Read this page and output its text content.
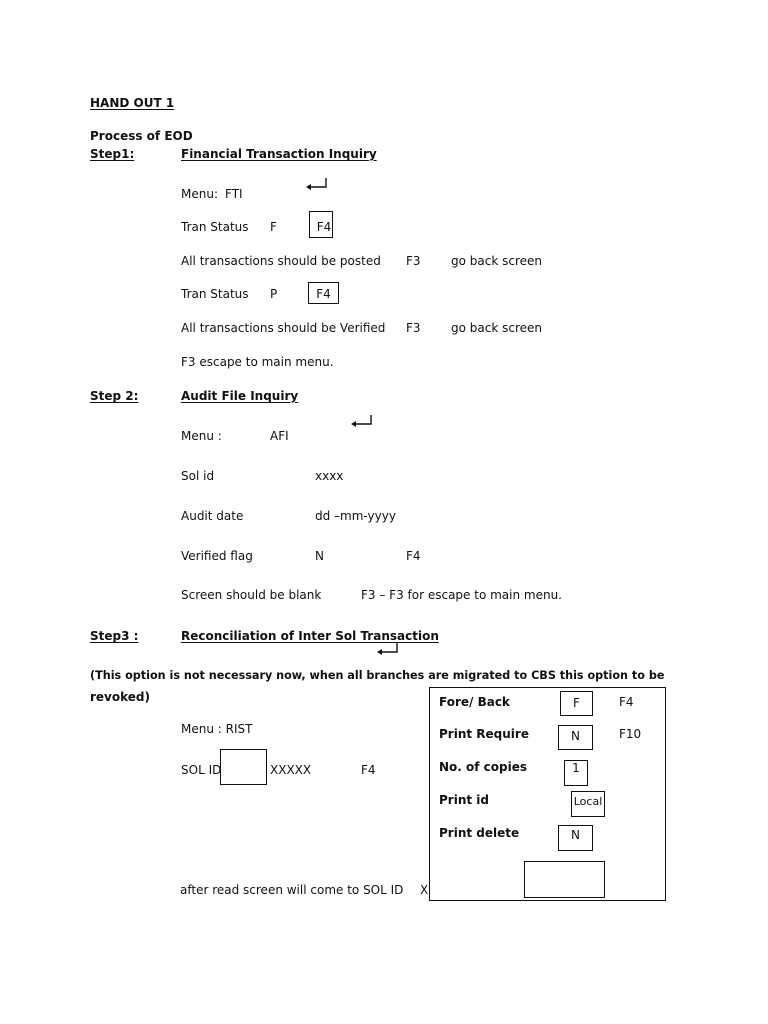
HAND OUT 1
Process of EOD
Step1:	Financial Transaction Inquiry
Menu: FTI
Tran Status F	F4
All transactions should be posted F3	go back screen
Tran Status P	F4
All transactions should be Verified F3	go back screen
F3 escape to main menu.
Step 2:	Audit File Inquiry
Menu :	AFI
Sol id	xxxx
Audit date	dd –mm-yyyy
Verified flag	N	F4
Screen should be blank	F3 – F3 for escape to main menu.
Step3 :	Reconciliation of Inter Sol Transaction
(This option is not necessary now, when all branches are migrated to CBS this option to be
revoked)
Menu : RIST
SOL ID	XXXXX	F4
after read screen will come to SOL ID X
Fore/ Back	F	F4
Print Require	N	F10
No. of copies	1
Print id	Local
Print delete	N
